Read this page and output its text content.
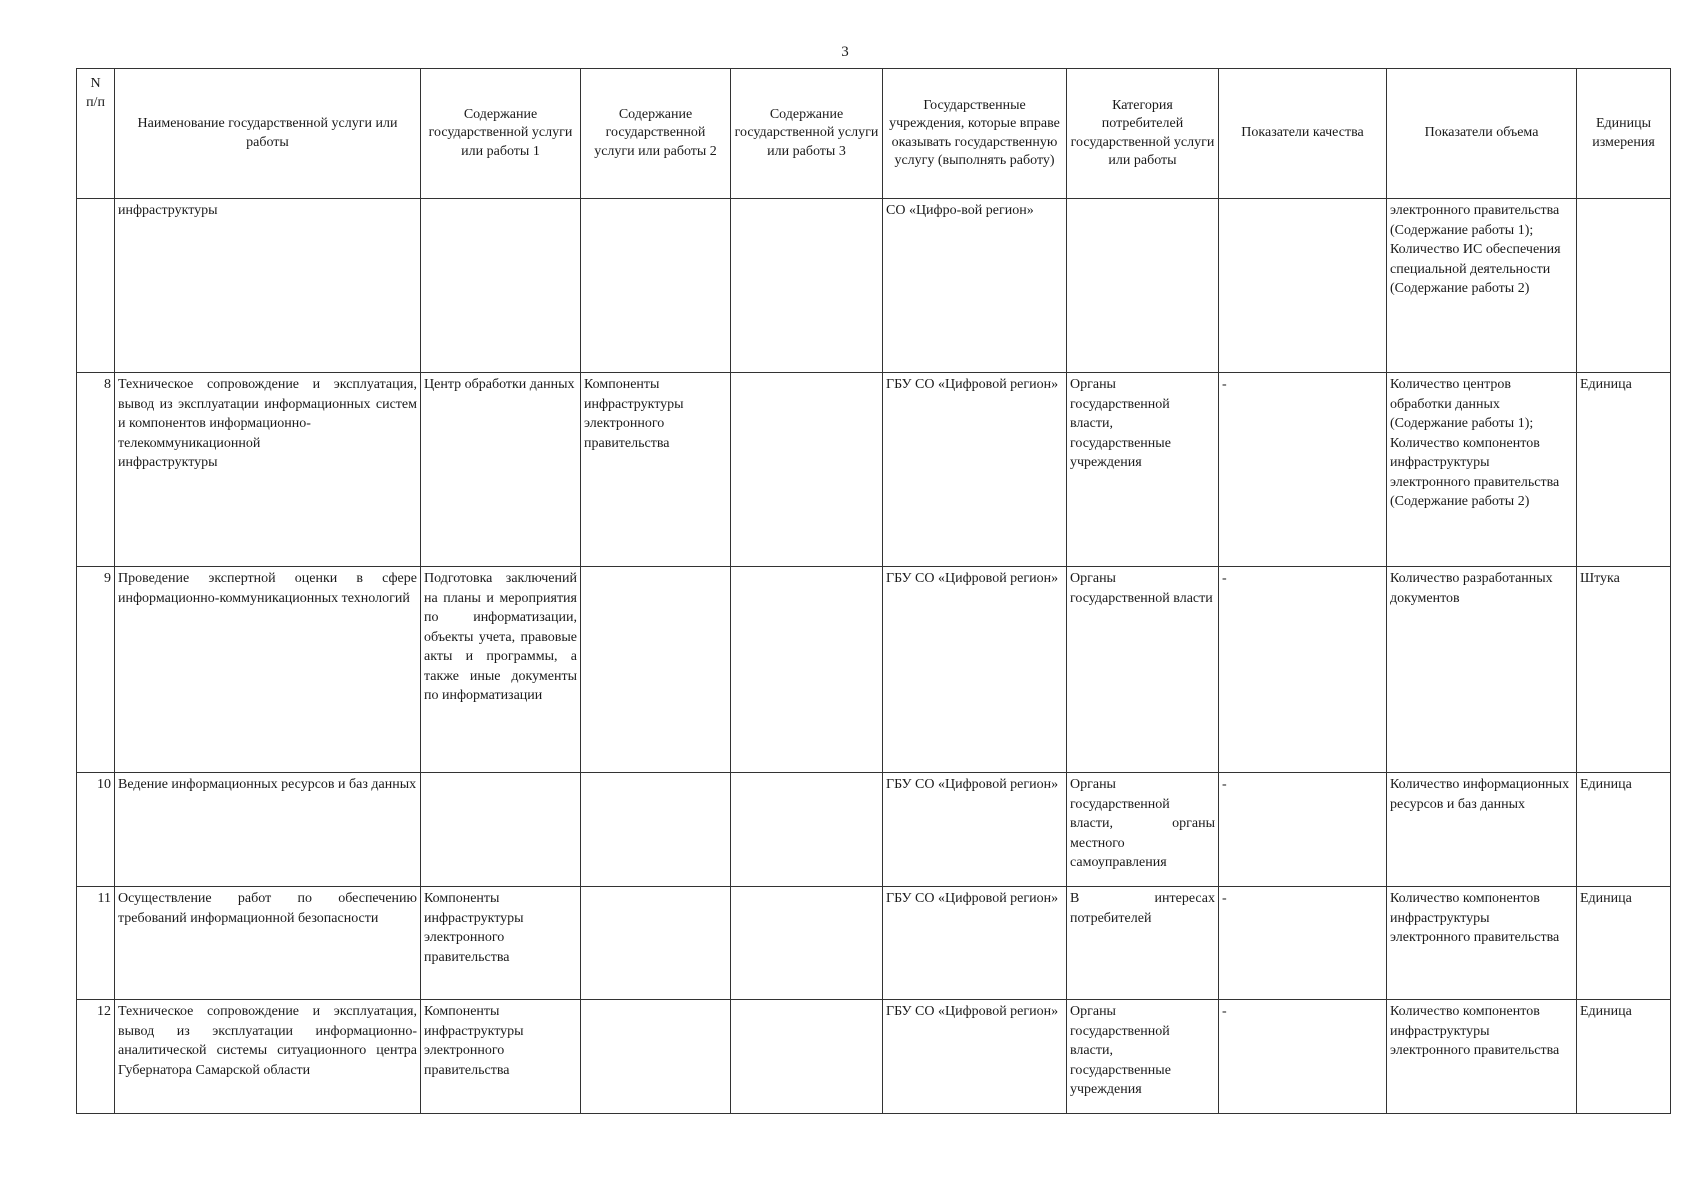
3
N
п/п	Наименование государственной услуги или работы	Содержание государственной услуги или работы 1	Содержание государственной услуги или работы 2	Содержание государственной услуги или работы 3	Государственные учреждения, которые вправе оказывать государственную услугу (выполнять работу)	Категория потребителей государственной услуги или работы	Показатели качества	Показатели объема	Единицы измерения
	инфраструктуры				СО «Цифро-вой регион»			электронного правительства (Содержание работы 1); Количество ИС обеспечения специальной деятельности (Содержание работы 2)	
8	Техническое сопровождение и эксплуатация, вывод из эксплуатации информационных систем и компонентов информационно-
телекоммуникационной
инфраструктуры	Центр обработки данных	Компоненты инфраструктуры электронного правительства		ГБУ СО «Цифровой регион»	Органы государственной власти, государственные учреждения	-	Количество центров обработки данных (Содержание работы 1); Количество компонентов инфраструктуры электронного правительства (Содержание работы 2)	Единица
9	Проведение экспертной оценки в сфере информационно-коммуникационных технологий	Подготовка заключений на планы и мероприятия по информатизации, объекты учета, правовые акты и программы, а также иные документы по информатизации			ГБУ СО «Цифровой регион»	Органы государственной власти	-	Количество разработанных документов	Штука
10	Ведение информационных ресурсов и баз данных				ГБУ СО «Цифровой регион»	Органы государственной власти, органы местного самоуправления	-	Количество информационных ресурсов и баз данных	Единица
11	Осуществление работ по обеспечению требований информационной безопасности	Компоненты инфраструктуры электронного правительства			ГБУ СО «Цифровой регион»	В интересах потребителей	-	Количество компонентов инфраструктуры электронного правительства	Единица
12	Техническое сопровождение и эксплуатация, вывод из эксплуатации информационно-аналитической системы ситуационного центра Губернатора Самарской области	Компоненты инфраструктуры электронного правительства			ГБУ СО «Цифровой регион»	Органы государственной власти, государственные учреждения	-	Количество компонентов инфраструктуры электронного правительства	Единица
